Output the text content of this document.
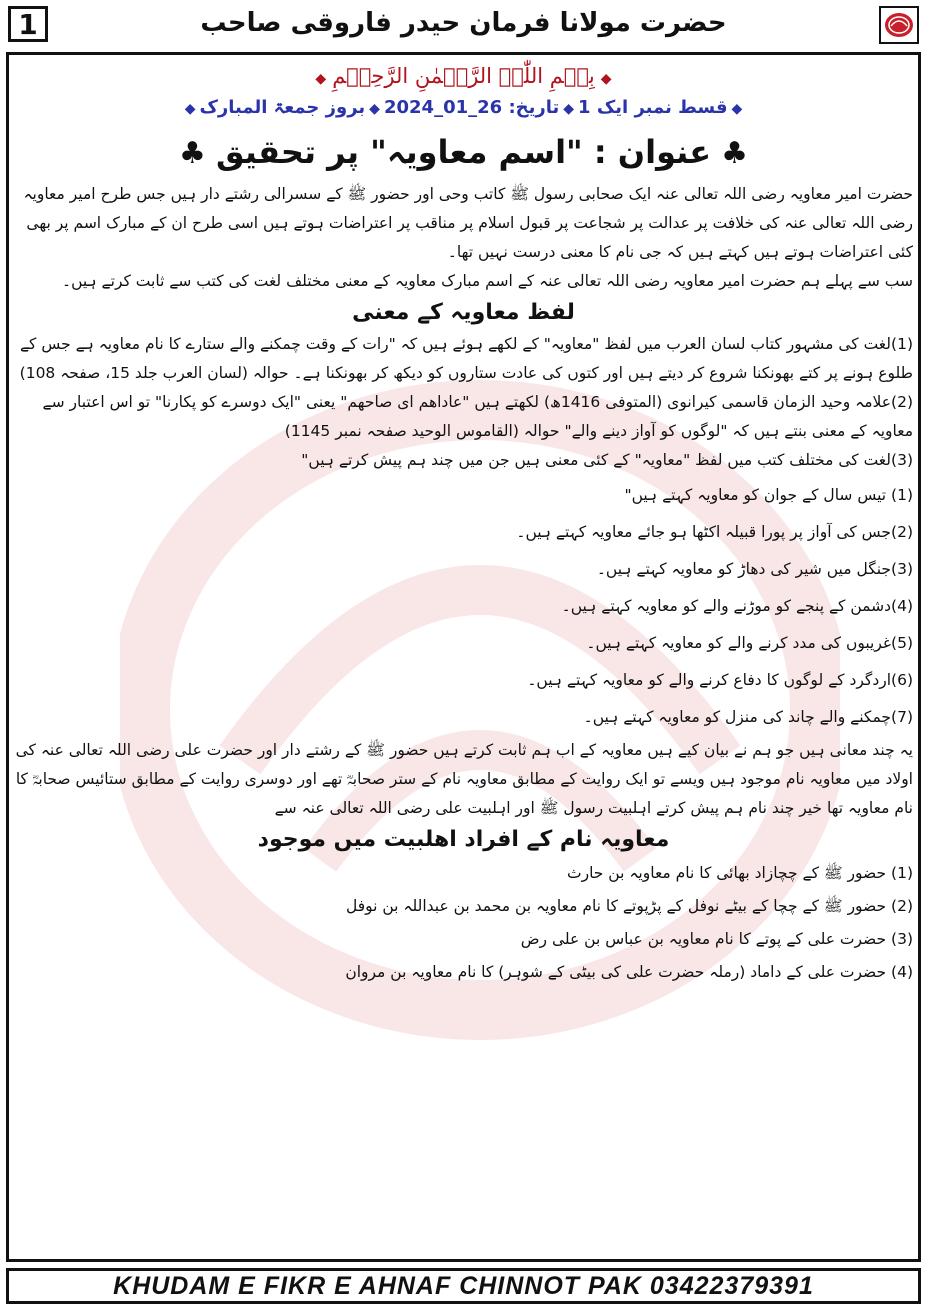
1	حضرت مولانا فرمان حیدر فاروقی صاحب
◆بِسۡمِ اللّٰہِ الرَّحۡمٰنِ الرَّحِیۡمِ◆
◆قسط نمبر ایک 1◆تاریخ: 26_01_2024◆بروز جمعۃ المبارک◆
♣عنوان : "اسم معاویہ" پر تحقیق♣

حضرت امیر معاویہ رضی اللہ تعالی عنہ ایک صحابی رسول ﷺ کاتب وحی اور حضور ﷺ کے سسرالی رشتے دار ہیں جس طرح امیر معاویہ رضی اللہ تعالی عنہ کی خلافت پر عدالت پر شجاعت پر قبول اسلام پر مناقب پر اعتراضات ہوتے ہیں اسی طرح ان کے مبارک اسم پر بھی کئی اعتراضات ہوتے ہیں کہتے ہیں کہ جی نام کا معنی درست نہیں تھا۔

سب سے پہلے ہم حضرت امیر معاویہ رضی اللہ تعالی عنہ کے اسم مبارک معاویہ کے معنی مختلف لغت کی کتب سے ثابت کرتے ہیں۔

لفظ معاویہ کے معنی

(1)لغت کی مشہور کتاب لسان العرب میں لفظ "معاویہ" کے لکھے ہوئے ہیں کہ "رات کے وقت چمکنے والے ستارے کا نام معاویہ ہے جس کے طلوع ہونے پر کتے بھونکنا شروع کر دیتے ہیں اور کتوں کی عادت ستاروں کو دیکھ کر بھونکنا ہے۔ حوالہ (لسان العرب جلد 15، صفحہ 108)

(2)علامہ وحید الزمان قاسمی کیرانوی (المتوفی 1416ھ) لکھتے ہیں "عاداھم ای صاحھم" یعنی "ایک دوسرے کو پکارنا" تو اس اعتبار سے معاویہ کے معنی بنتے ہیں کہ "لوگوں کو آواز دینے والے" حوالہ (القاموس الوحید صفحہ نمبر 1145)

(3)لغت کی مختلف کتب میں لفظ "معاویہ" کے کئی معنی ہیں جن میں چند ہم پیش کرتے ہیں"

(1) تیس سال کے جوان کو معاویہ کہتے ہیں"

(2)جس کی آواز پر پورا قبیلہ اکٹھا ہو جائے معاویہ کہتے ہیں۔

(3)جنگل میں شیر کی دھاڑ کو معاویہ کہتے ہیں۔

(4)دشمن کے پنجے کو موڑنے والے کو معاویہ کہتے ہیں۔

(5)غریبوں کی مدد کرنے والے کو معاویہ کہتے ہیں۔

(6)اردگرد کے لوگوں کا دفاع کرنے والے کو معاویہ کہتے ہیں۔

(7)چمکنے والے چاند کی منزل کو معاویہ کہتے ہیں۔

یہ چند معانی ہیں جو ہم نے بیان کیے ہیں معاویہ کے اب ہم ثابت کرتے ہیں حضور ﷺ کے رشتے دار اور حضرت علی رضی اللہ تعالی عنہ کی اولاد میں معاویہ نام موجود ہیں ویسے تو ایک روایت کے مطابق معاویہ نام کے ستر صحابہؓ تھے اور دوسری روایت کے مطابق ستائیس صحابہؓ کا نام معاویہ تھا خیر چند نام ہم پیش کرتے اہلبیت رسول ﷺ اور اہلبیت علی رضی اللہ تعالی عنہ سے

معاویہ نام کے افراد اھلبیت میں موجود

(1) حضور ﷺ کے چچازاد بھائی کا نام معاویہ بن حارث

(2) حضور ﷺ کے چچا کے بیٹے نوفل کے پڑپوتے کا نام معاویہ بن محمد بن عبداللہ بن نوفل

(3) حضرت علی کے پوتے کا نام معاویہ بن عباس بن علی رض

(4) حضرت علی کے داماد (رملہ حضرت علی کی بیٹی کے شوہر) کا نام معاویہ بن مروان

KHUDAM E FIKR E AHNAF CHINNOT PAK 03422379391
